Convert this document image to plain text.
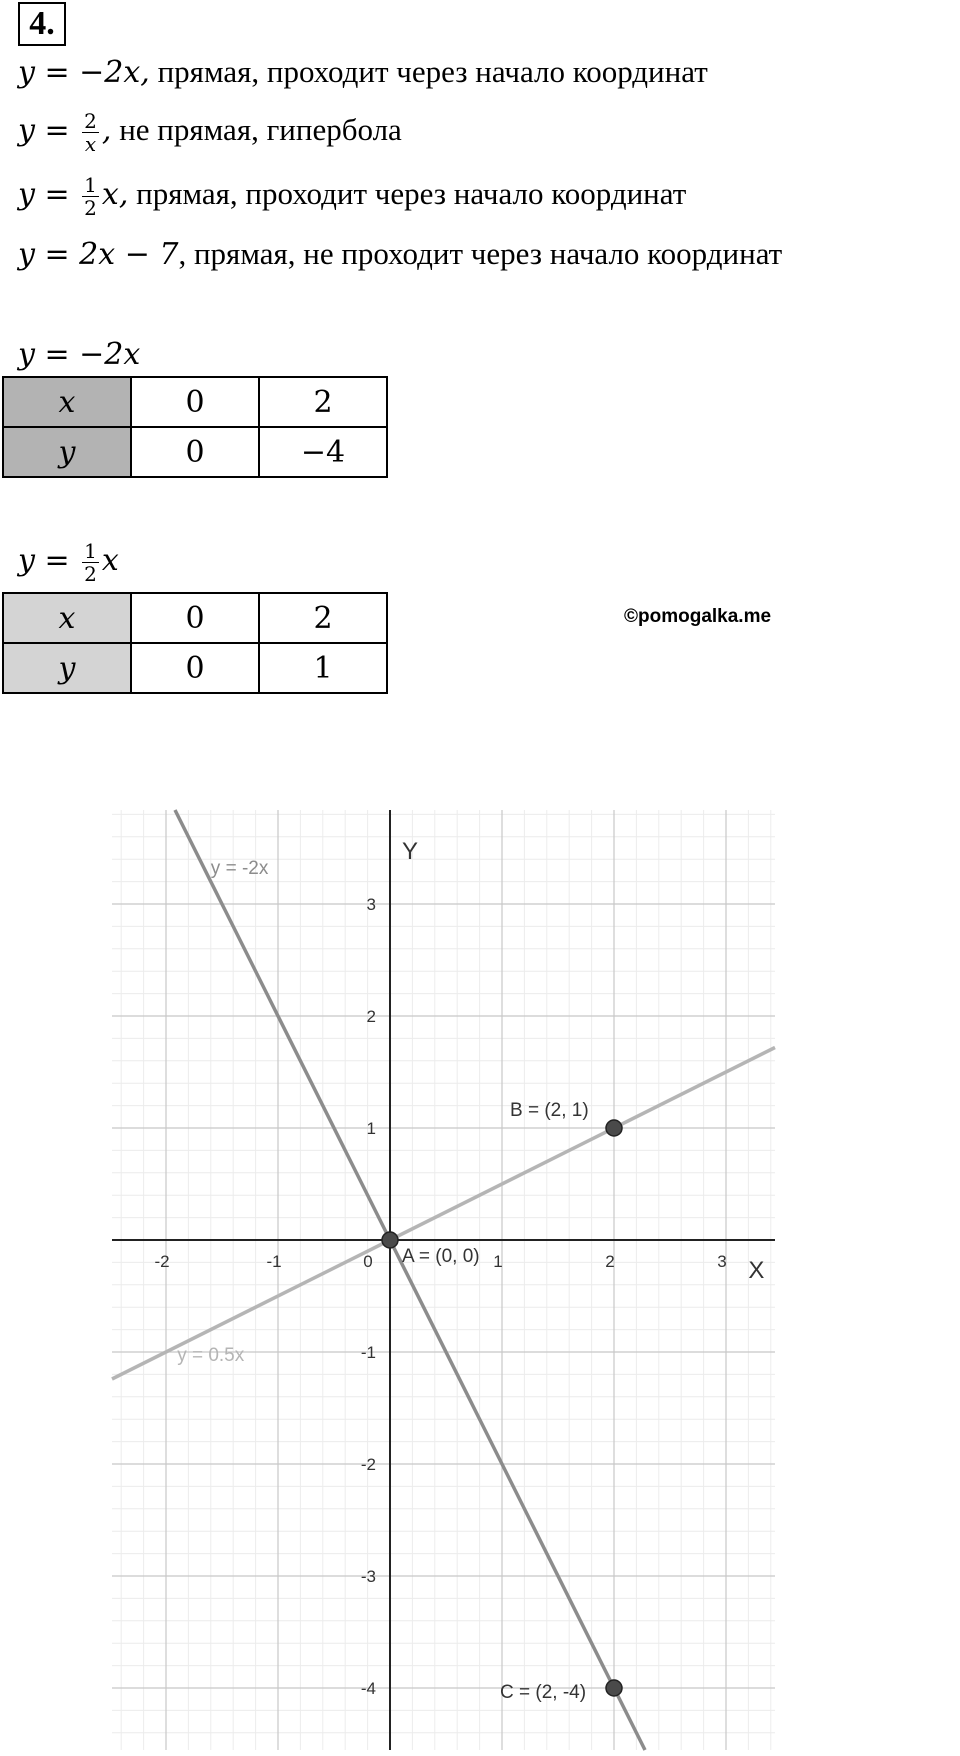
4.
y = −2x, прямая, проходит через начало координат
$y = \frac{2}{x}$ , не прямая, гипербола
$y = \frac{1}{2} x$, прямая, проходит через начало координат
y = 2x − 7, прямая, не проходит через начало координат
y = −2x
x	0	2
y	0	−4
$y = \frac{1}{2}$ x
©pomogalka.me
x	0	2
y	0	1
-2	-1	0	1	2	3
3
2
1
-1
-2
-3
-4
X
Y
y = -2x
y = 0.5x
A = (0, 0)
B = (2, 1)
C = (2, -4)
